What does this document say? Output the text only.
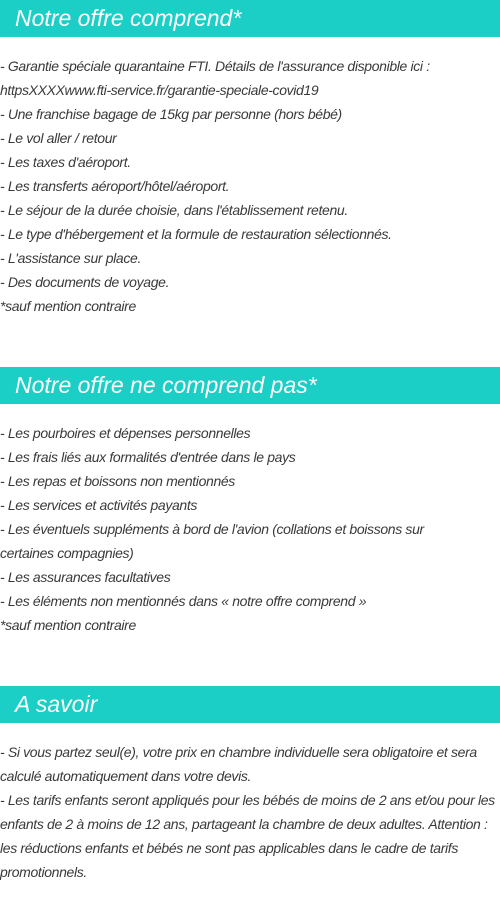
Notre offre comprend*
- Garantie spéciale quarantaine FTI. Détails de l'assurance disponible ici :
httpsXXXXwww.fti-service.fr/garantie-speciale-covid19
- Une franchise bagage de 15kg par personne (hors bébé)
- Le vol aller / retour
- Les taxes d'aéroport.
- Les transferts aéroport/hôtel/aéroport.
- Le séjour de la durée choisie, dans l'établissement retenu.
- Le type d'hébergement et la formule de restauration sélectionnés.
- L'assistance sur place.
- Des documents de voyage.
*sauf mention contraire
Notre offre ne comprend pas*
- Les pourboires et dépenses personnelles
- Les frais liés aux formalités d'entrée dans le pays
- Les repas et boissons non mentionnés
- Les services et activités payants
- Les éventuels suppléments à bord de l'avion (collations et boissons sur
certaines compagnies)
- Les assurances facultatives
- Les éléments non mentionnés dans « notre offre comprend »
*sauf mention contraire
A savoir
- Si vous partez seul(e), votre prix en chambre individuelle sera obligatoire et sera calculé automatiquement dans votre devis.
- Les tarifs enfants seront appliqués pour les bébés de moins de 2 ans et/ou pour les enfants de 2 à moins de 12 ans, partageant la chambre de deux adultes. Attention : les réductions enfants et bébés ne sont pas applicables dans le cadre de tarifs promotionnels.
